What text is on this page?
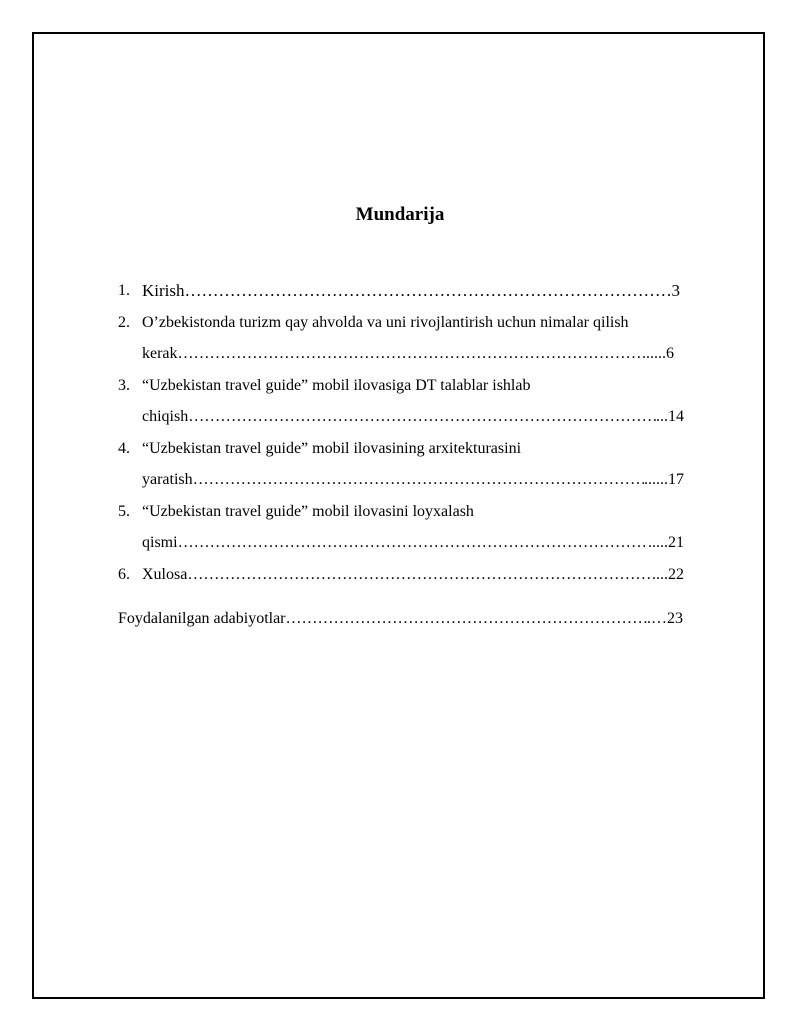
Mundarija
1. Kirish ……………………………………………………………………………………………………………………………………………	3
2. O’zbekistonda turizm qay ahvolda va uni rivojlantirish uchun nimalar qilish
kerak ……………………………………………………………………………………………………………………………………………	......6
3. “Uzbekistan travel guide” mobil ilovasiga DT talablar ishlab
chiqish ……………………………………………………………………………………………………………………………………………	...14
4. “Uzbekistan travel guide” mobil ilovasining arxitekturasini
yaratish ……………………………………………………………………………………………………………………………………………	......17
5. “Uzbekistan travel guide” mobil ilovasini loyxalash
qismi ……………………………………………………………………………………………………………………………………………	.....21
6. Xulosa ……………………………………………………………………………………………………………………………………………	...22
Foydalanilgan adabiyotlar ……………………………………………………………………………………………………………………………………………	.…23
